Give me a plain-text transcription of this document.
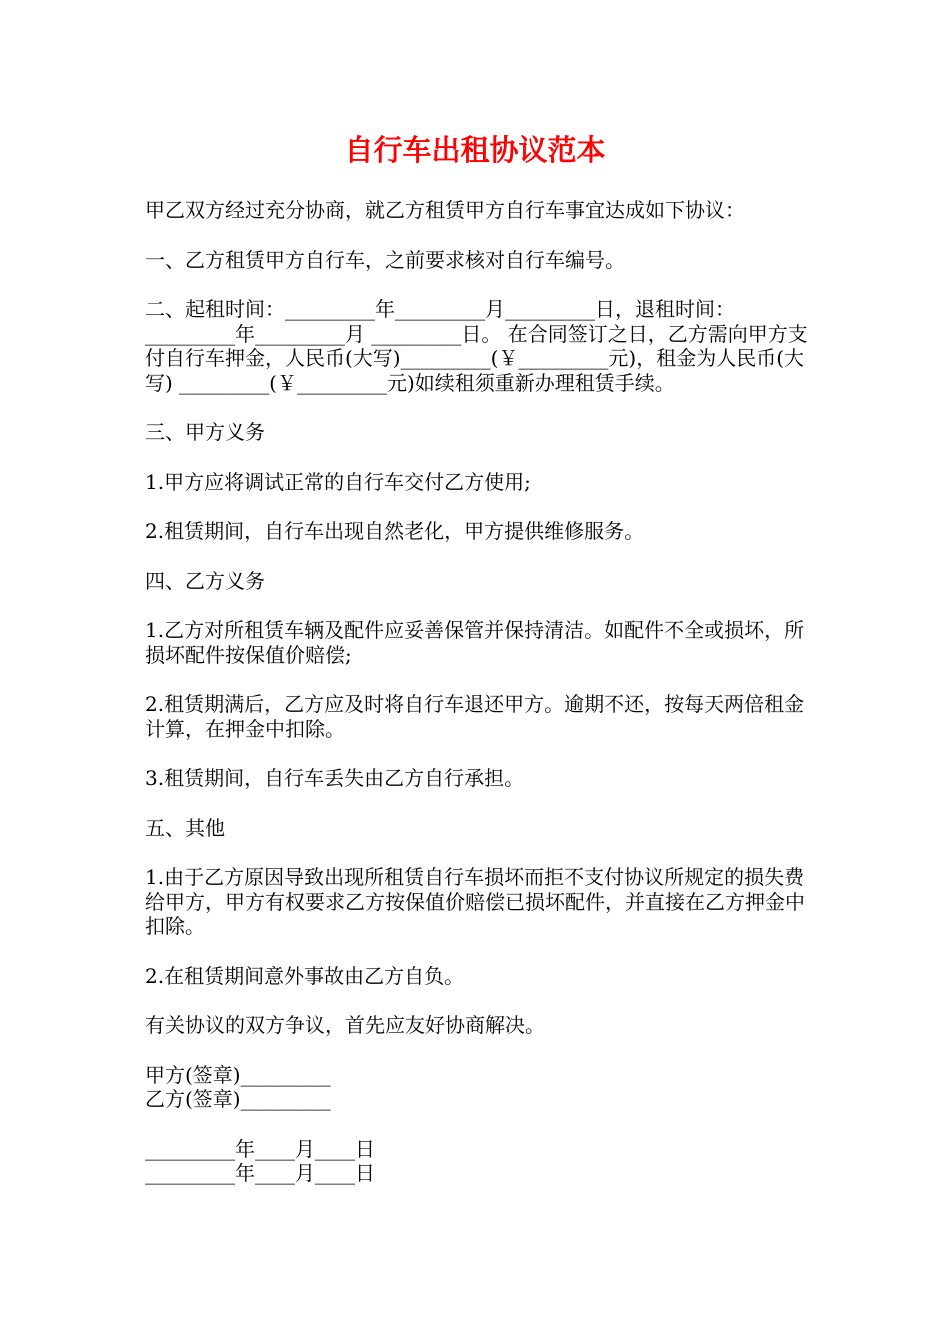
自行车出租协议范本

甲乙双方经过充分协商，就乙方租赁甲方自行车事宜达成如下协议：

一、乙方租赁甲方自行车，之前要求核对自行车编号。

二、起租时间：_________年_________月_________日，退租时间：_________年_________月 _________日。 在合同签订之日，乙方需向甲方支付自行车押金，人民币(大写)_________(￥_________元)，租金为人民币(大写) _________(￥_________元)如续租须重新办理租赁手续。

三、甲方义务

1.甲方应将调试正常的自行车交付乙方使用;

2.租赁期间，自行车出现自然老化，甲方提供维修服务。

四、乙方义务

1.乙方对所租赁车辆及配件应妥善保管并保持清洁。如配件不全或损坏，所损坏配件按保值价赔偿;

2.租赁期满后，乙方应及时将自行车退还甲方。逾期不还，按每天两倍租金计算，在押金中扣除。

3.租赁期间，自行车丢失由乙方自行承担。

五、其他

1.由于乙方原因导致出现所租赁自行车损坏而拒不支付协议所规定的损失费给甲方，甲方有权要求乙方按保值价赔偿已损坏配件，并直接在乙方押金中扣除。

2.在租赁期间意外事故由乙方自负。

有关协议的双方争议，首先应友好协商解决。

甲方(签章)_________

乙方(签章)_________

_________年____月____日

_________年____月____日
